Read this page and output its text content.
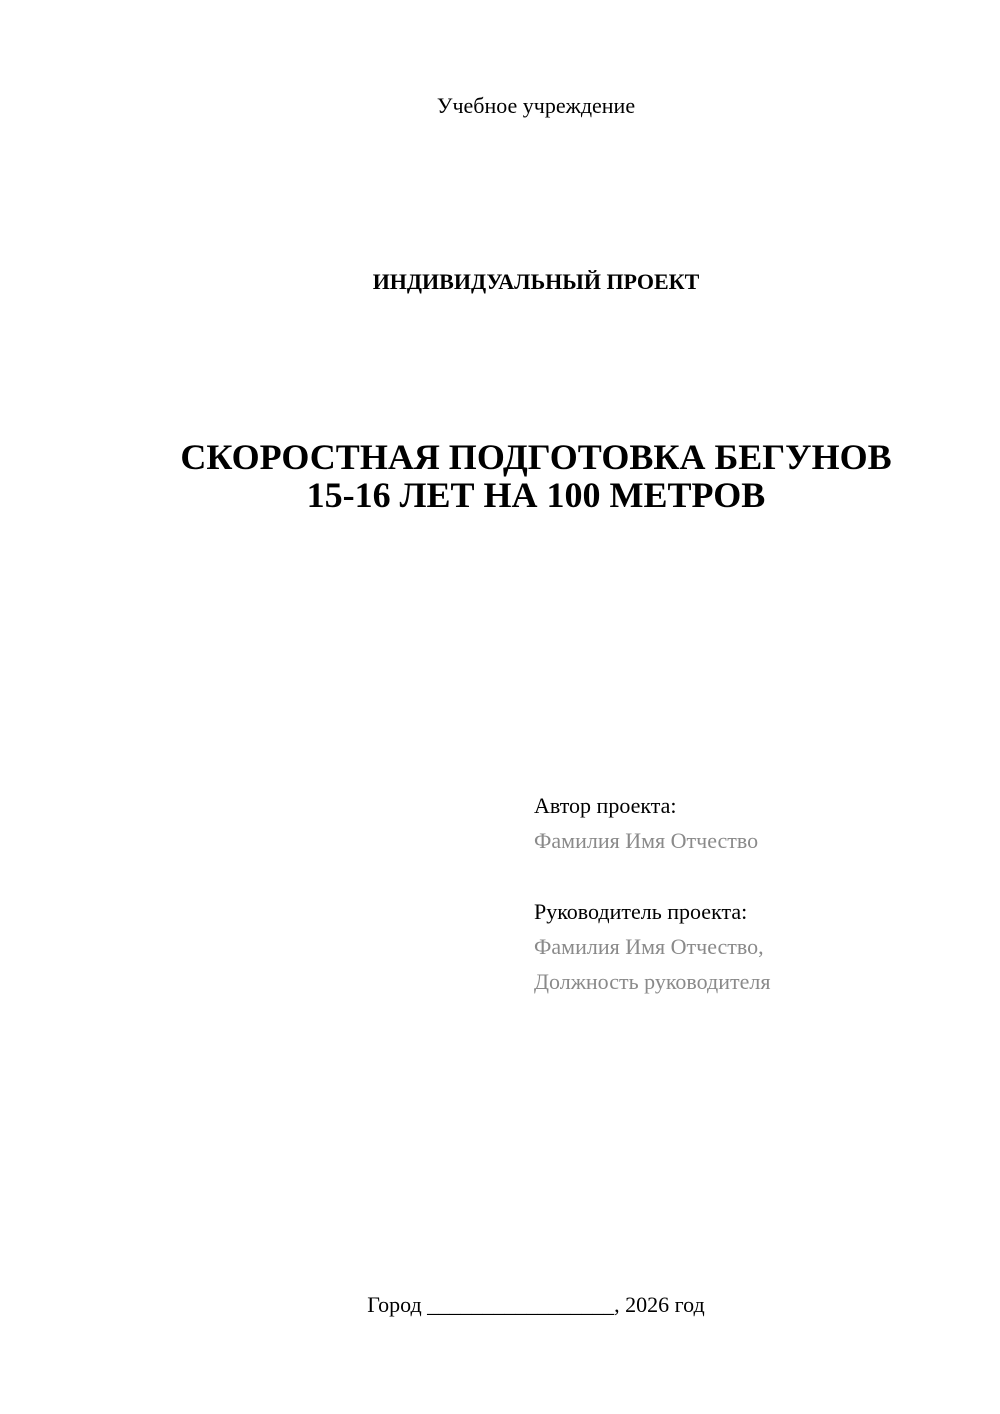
Учебное учреждение
ИНДИВИДУАЛЬНЫЙ ПРОЕКТ
СКОРОСТНАЯ ПОДГОТОВКА БЕГУНОВ
15-16 ЛЕТ НА 100 МЕТРОВ
Автор проекта:
Фамилия Имя Отчество
Руководитель проекта:
Фамилия Имя Отчество,
Должность руководителя
Город _________________, 2026 год
